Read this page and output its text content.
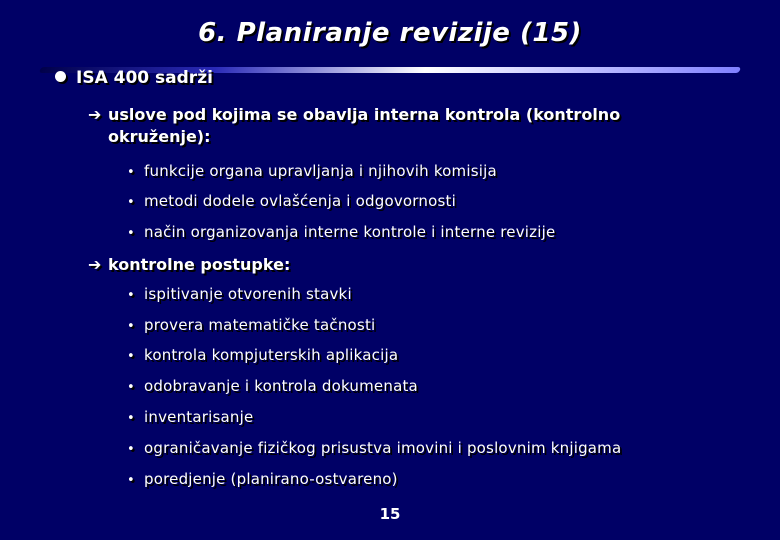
6. Planiranje revizije (15)
ISA 400 sadrži
➔ uslove pod kojima se obavlja interna kontrola (kontrolno
okruženje):
• funkcije organa upravljanja i njihovih komisija
• metodi dodele ovlašćenja i odgovornosti
• način organizovanja interne kontrole i interne revizije
➔ kontrolne postupke:
• ispitivanje otvorenih stavki
• provera matematičke tačnosti
• kontrola kompjuterskih aplikacija
• odobravanje i kontrola dokumenata
• inventarisanje
• ograničavanje fizičkog prisustva imovini i poslovnim knjigama
• poredjenje (planirano-ostvareno)
15
